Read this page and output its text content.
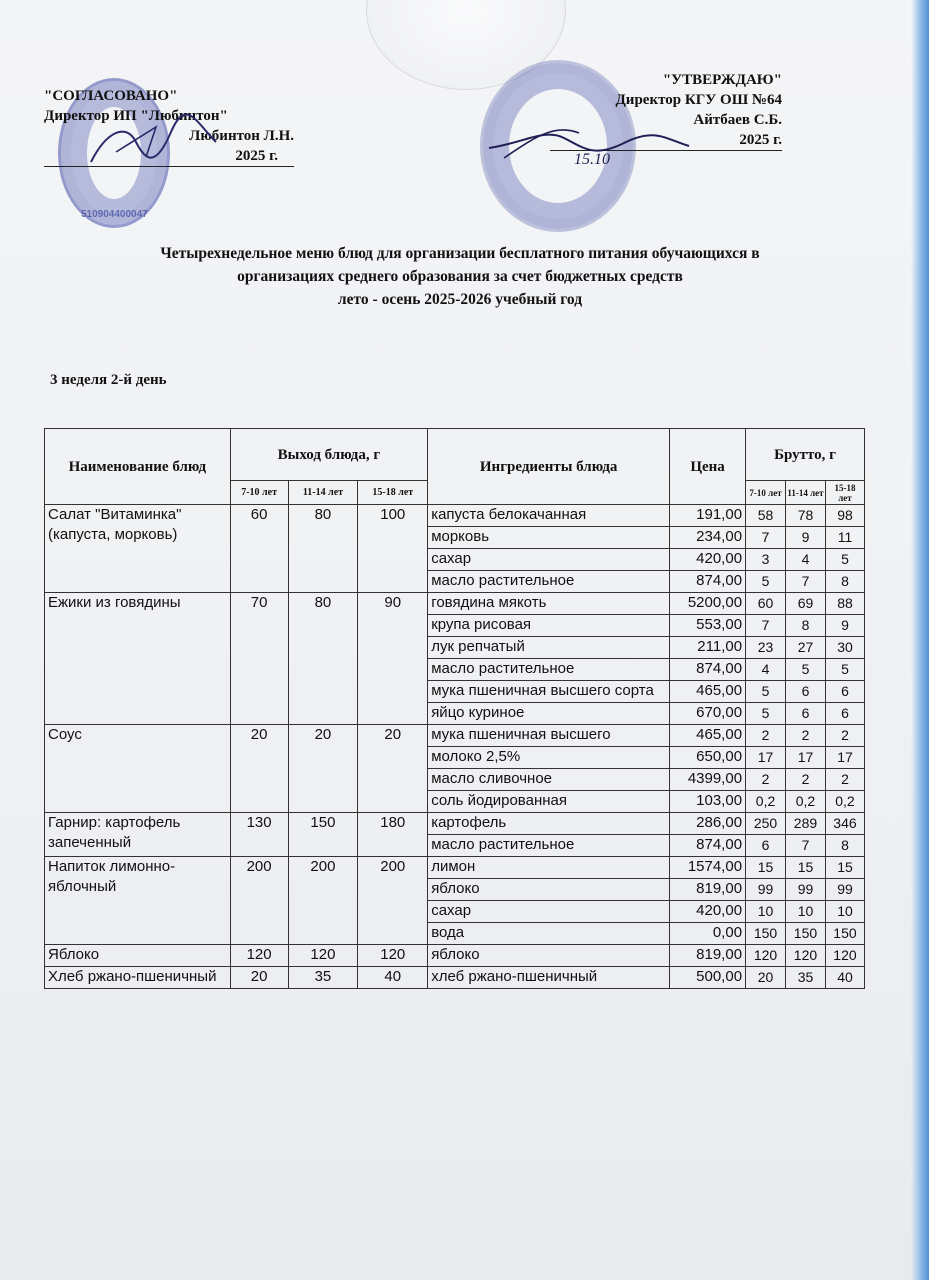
510904400047
"СОГЛАСОВАНО"
Директор ИП "Любинтон"
Любинтон Л.Н.
2025 г.
"УТВЕРЖДАЮ"
Директор КГУ ОШ №64
Айтбаев С.Б.
2025 г.
15.10
Четырехнедельное меню блюд для организации бесплатного питания обучающихся в
организациях среднего образования за счет бюджетных средств
лето - осень 2025-2026 учебный год
3 неделя 2-й день
Наименование блюд	Выход блюда, г			Ингредиенты блюда	Цена	Брутто, г		
	7-10 лет	11-14 лет	15-18 лет			7-10 лет	11-14 лет	15-18 лет
Салат "Витаминка" (капуста, морковь)	60	80	100	капуста белокачанная	191,00	58	78	98
				морковь	234,00	7	9	11
				сахар	420,00	3	4	5
				масло растительное	874,00	5	7	8
Ежики из говядины	70	80	90	говядина мякоть	5200,00	60	69	88
				крупа рисовая	553,00	7	8	9
				лук репчатый	211,00	23	27	30
				масло растительное	874,00	4	5	5
				мука пшеничная высшего сорта	465,00	5	6	6
				яйцо куриное	670,00	5	6	6
Соус	20	20	20	мука пшеничная высшего	465,00	2	2	2
				молоко 2,5%	650,00	17	17	17
				масло сливочное	4399,00	2	2	2
				соль йодированная	103,00	0,2	0,2	0,2
Гарнир: картофель запеченный	130	150	180	картофель	286,00	250	289	346
				масло растительное	874,00	6	7	8
Напиток лимонно-яблочный	200	200	200	лимон	1574,00	15	15	15
				яблоко	819,00	99	99	99
				сахар	420,00	10	10	10
				вода	0,00	150	150	150
Яблоко	120	120	120	яблоко	819,00	120	120	120
Хлеб ржано-пшеничный	20	35	40	хлеб ржано-пшеничный	500,00	20	35	40
